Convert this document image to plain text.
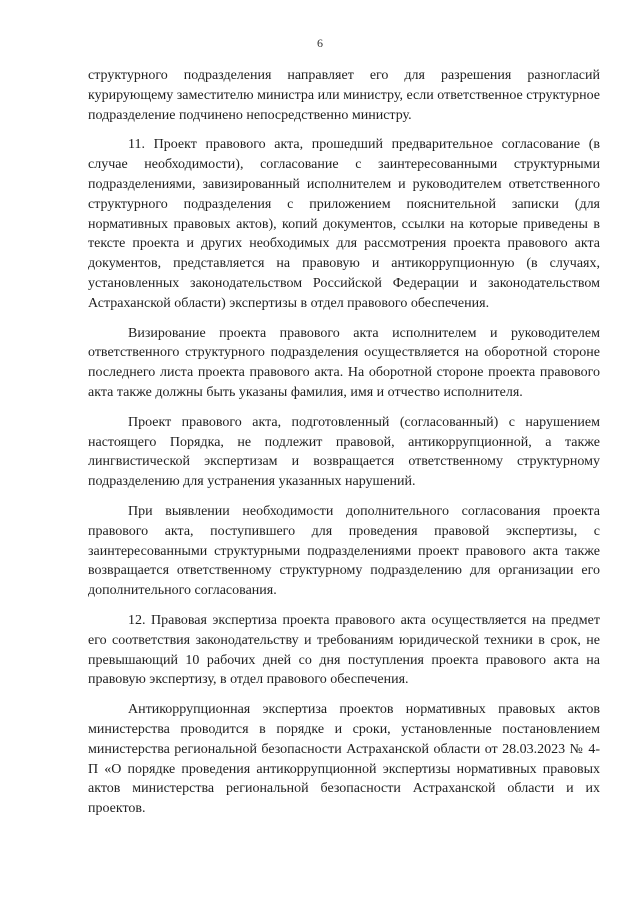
6

структурного подразделения направляет его для разрешения разногласий курирующему заместителю министра или министру, если ответственное структурное подразделение подчинено непосредственно министру.

11. Проект правового акта, прошедший предварительное согласование (в случае необходимости), согласование с заинтересованными структурными подразделениями, завизированный исполнителем и руководителем ответственного структурного подразделения с приложением пояснительной записки (для нормативных правовых актов), копий документов, ссылки на которые приведены в тексте проекта и других необходимых для рассмотрения проекта правового акта документов, представляется на правовую и антикоррупционную (в случаях, установленных законодательством Российской Федерации и законодательством Астраханской области) экспертизы в отдел правового обеспечения.

Визирование проекта правового акта исполнителем и руководителем ответственного структурного подразделения осуществляется на оборотной стороне последнего листа проекта правового акта. На оборотной стороне проекта правового акта также должны быть указаны фамилия, имя и отчество исполнителя.

Проект правового акта, подготовленный (согласованный) с нарушением настоящего Порядка, не подлежит правовой, антикоррупционной, а также лингвистической экспертизам и возвращается ответственному структурному подразделению для устранения указанных нарушений.

При выявлении необходимости дополнительного согласования проекта правового акта, поступившего для проведения правовой экспертизы, с заинтересованными структурными подразделениями проект правового акта также возвращается ответственному структурному подразделению для организации его дополнительного согласования.

12. Правовая экспертиза проекта правового акта осуществляется на предмет его соответствия законодательству и требованиям юридической техники в срок, не превышающий 10 рабочих дней со дня поступления проекта правового акта на правовую экспертизу, в отдел правового обеспечения.

Антикоррупционная экспертиза проектов нормативных правовых актов министерства проводится в порядке и сроки, установленные постановлением министерства региональной безопасности Астраханской области от 28.03.2023 № 4-П «О порядке проведения антикоррупционной экспертизы нормативных правовых актов министерства региональной безопасности Астраханской области и их проектов.
